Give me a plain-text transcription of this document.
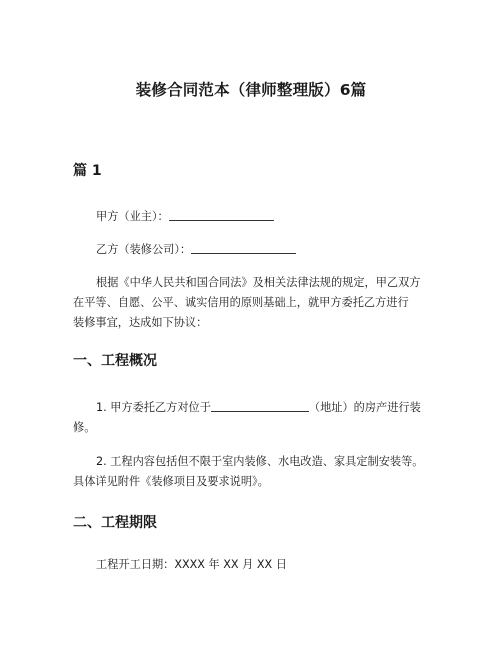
装修合同范本（律师整理版）6篇
篇 1
甲方（业主）：
乙方（装修公司）：
根据《中华人民共和国合同法》及相关法律法规的规定，甲乙双方
在平等、自愿、公平、诚实信用的原则基础上，就甲方委托乙方进行
装修事宜，达成如下协议：
一、工程概况
1. 甲方委托乙方对位于	（地址）的房产进行装
修。
2. 工程内容包括但不限于室内装修、水电改造、家具定制安装等。
具体详见附件《装修项目及要求说明》。
二、工程期限
工程开工日期：XXXX 年 XX 月 XX 日
